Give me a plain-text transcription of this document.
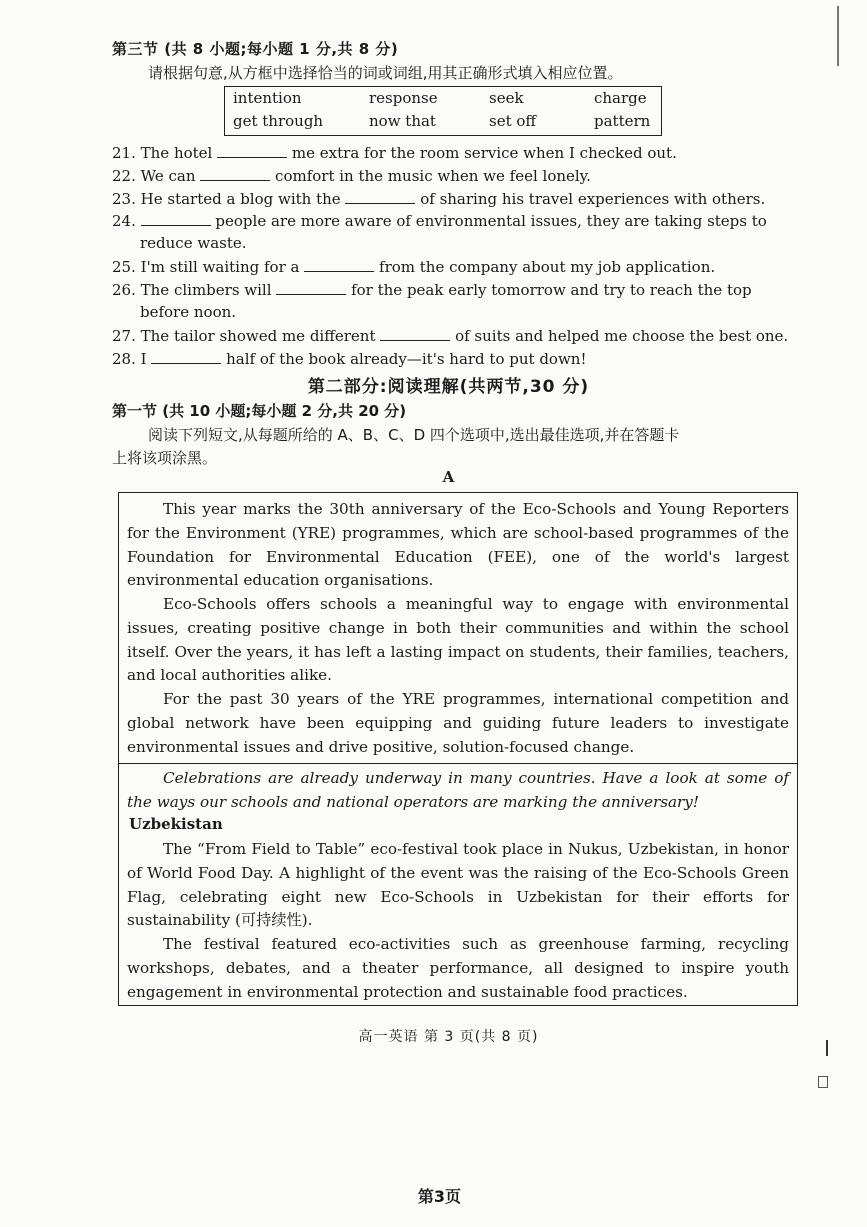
第三节 (共 8 小题;每小题 1 分,共 8 分)
请根据句意,从方框中选择恰当的词或词组,用其正确形式填入相应位置。
intention	response	seek	charge
get through	now that	set off	pattern
21. The hotel	me extra for the room service when I checked out.
22. We can	comfort in the music when we feel lonely.
23. He started a blog with the	of sharing his travel experiences with others.
24.	people are more aware of environmental issues, they are taking steps to
reduce waste.
25. I'm still waiting for a	from the company about my job application.
26. The climbers will	for the peak early tomorrow and try to reach the top
before noon.
27. The tailor showed me different	of suits and helped me choose the best one.
28. I	half of the book already—it's hard to put down!
第二部分:阅读理解(共两节,30 分)
第一节 (共 10 小题;每小题 2 分,共 20 分)
阅读下列短文,从每题所给的 A、B、C、D 四个选项中,选出最佳选项,并在答题卡
上将该项涂黑。
A

This year marks the 30th anniversary of the Eco-Schools and Young Reporters for the Environment (YRE) programmes, which are school-based programmes of the Foundation for Environmental Education (FEE), one of the world's largest environmental education organisations.

Eco-Schools offers schools a meaningful way to engage with environmental issues, creating positive change in both their communities and within the school itself. Over the years, it has left a lasting impact on students, their families, teachers, and local authorities alike.

For the past 30 years of the YRE programmes, international competition and global network have been equipping and guiding future leaders to investigate environmental issues and drive positive, solution-focused change.

Celebrations are already underway in many countries. Have a look at some of the ways our schools and national operators are marking the anniversary!

Uzbekistan

The “From Field to Table” eco-festival took place in Nukus, Uzbekistan, in honor of World Food Day. A highlight of the event was the raising of the Eco-Schools Green Flag, celebrating eight new Eco-Schools in Uzbekistan for their efforts for sustainability (可持续性).

The festival featured eco-activities such as greenhouse farming, recycling workshops, debates, and a theater performance, all designed to inspire youth engagement in environmental protection and sustainable food practices.

高一英语 第 3 页(共 8 页)
第3页
